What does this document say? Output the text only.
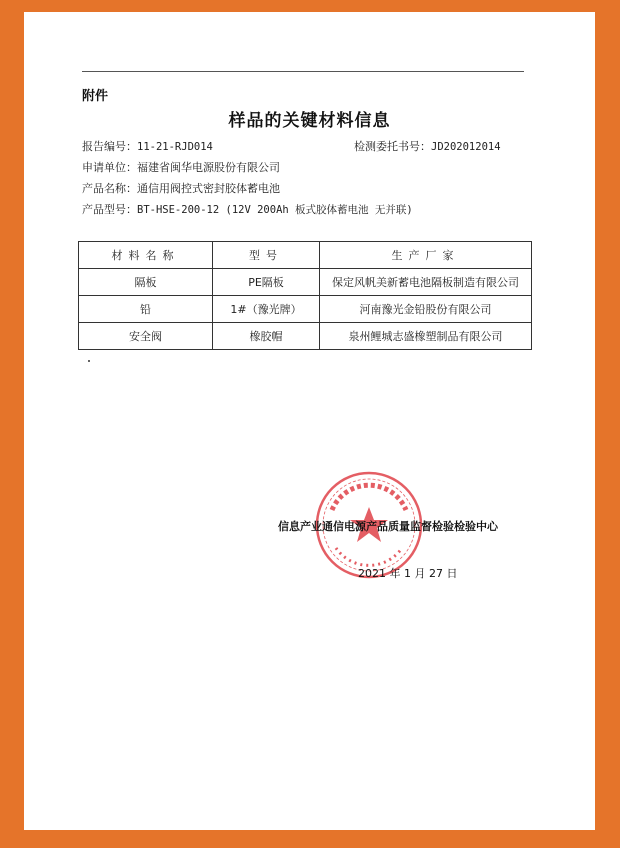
附件
样品的关键材料信息
报告编号：11-21-RJD014	检测委托书号：JD202012014
申请单位：福建省闽华电源股份有限公司
产品名称：通信用阀控式密封胶体蓄电池
产品型号：BT-HSE-200-12 (12V 200Ah 板式胶体蓄电池 无并联)
材料名称	型号	生产厂家
隔板	PE隔板	保定风帆美新蓄电池隔板制造有限公司
铅	1#（豫光牌）	河南豫光金铅股份有限公司
安全阀	橡胶帽	泉州鲤城志盛橡塑制品有限公司
信息产业通信电源产品质量监督检验检验中心
2021 年 1 月 27 日
